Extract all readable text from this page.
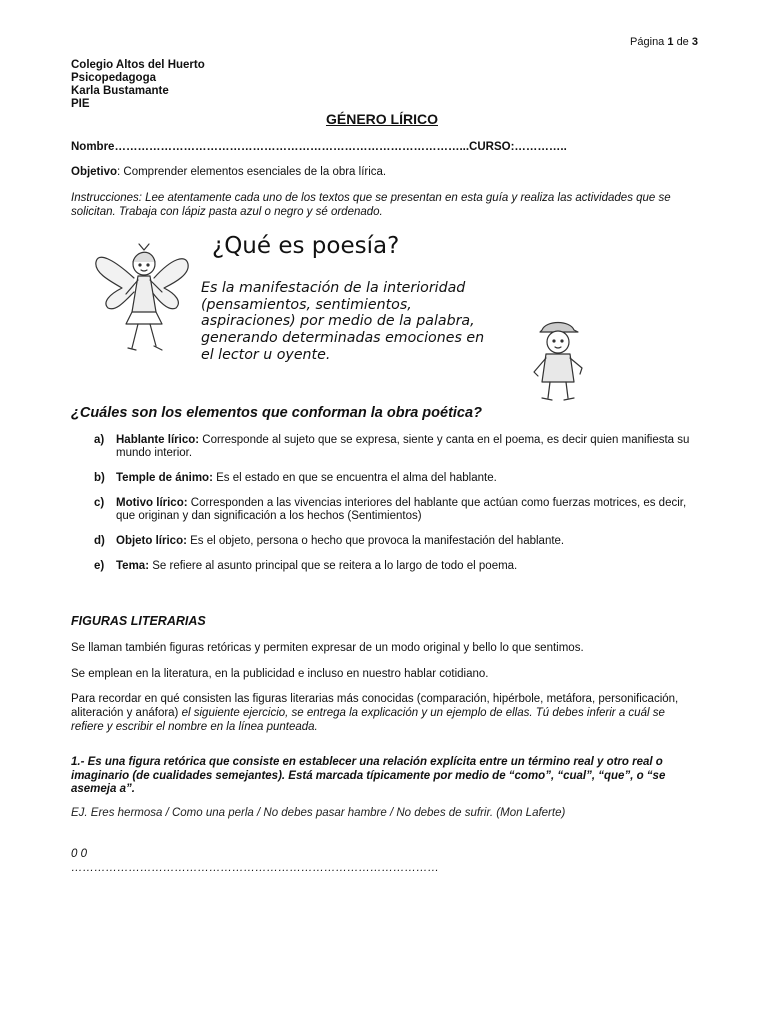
Página 1 de 3
Colegio Altos del Huerto
Psicopedagoga
Karla Bustamante
PIE
GÉNERO LÍRICO
Nombre………………………………………………………………………………...CURSO:…………..
Objetivo: Comprender elementos esenciales de la obra lírica.
Instrucciones: Lee atentamente cada uno de los textos que se presentan en esta guía y realiza las actividades que se solicitan. Trabaja con lápiz pasta azul o negro y sé ordenado.
¿Qué es poesía?
Es la manifestación de la interioridad
(pensamientos, sentimientos,
aspiraciones) por medio de la palabra,
generando determinadas emociones en
el lector u oyente.
¿Cuáles son los elementos que conforman la obra poética?
a) Hablante lírico: Corresponde al sujeto que se expresa, siente y canta en el poema, es decir quien manifiesta su mundo interior.
b) Temple de ánimo: Es el estado en que se encuentra el alma del hablante.
c) Motivo lírico: Corresponden a las vivencias interiores del hablante que actúan como fuerzas motrices, es decir, que originan y dan significación a los hechos (Sentimientos)
d) Objeto lírico: Es el objeto, persona o hecho que provoca la manifestación del hablante.
e) Tema: Se refiere al asunto principal que se reitera a lo largo de todo el poema.
FIGURAS LITERARIAS
Se llaman también figuras retóricas y permiten expresar de un modo original y bello lo que sentimos.
Se emplean en la literatura, en la publicidad e incluso en nuestro hablar cotidiano.
Para recordar en qué consisten las figuras literarias más conocidas (comparación, hipérbole, metáfora, personificación, aliteración y anáfora) el siguiente ejercicio, se entrega la explicación y un ejemplo de ellas. Tú debes inferir a cuál se refiere y escribir el nombre en la línea punteada.
1.- Es una figura retórica que consiste en establecer una relación explícita entre un término real y otro real o imaginario (de cualidades semejantes). Está marcada típicamente por medio de “como”, “cual”, “que”, o “se asemeja a”.
EJ. Eres hermosa / Como una perla / No debes pasar hambre / No debes de sufrir. (Mon Laferte)
0 0
……………………………………………………………………………………
